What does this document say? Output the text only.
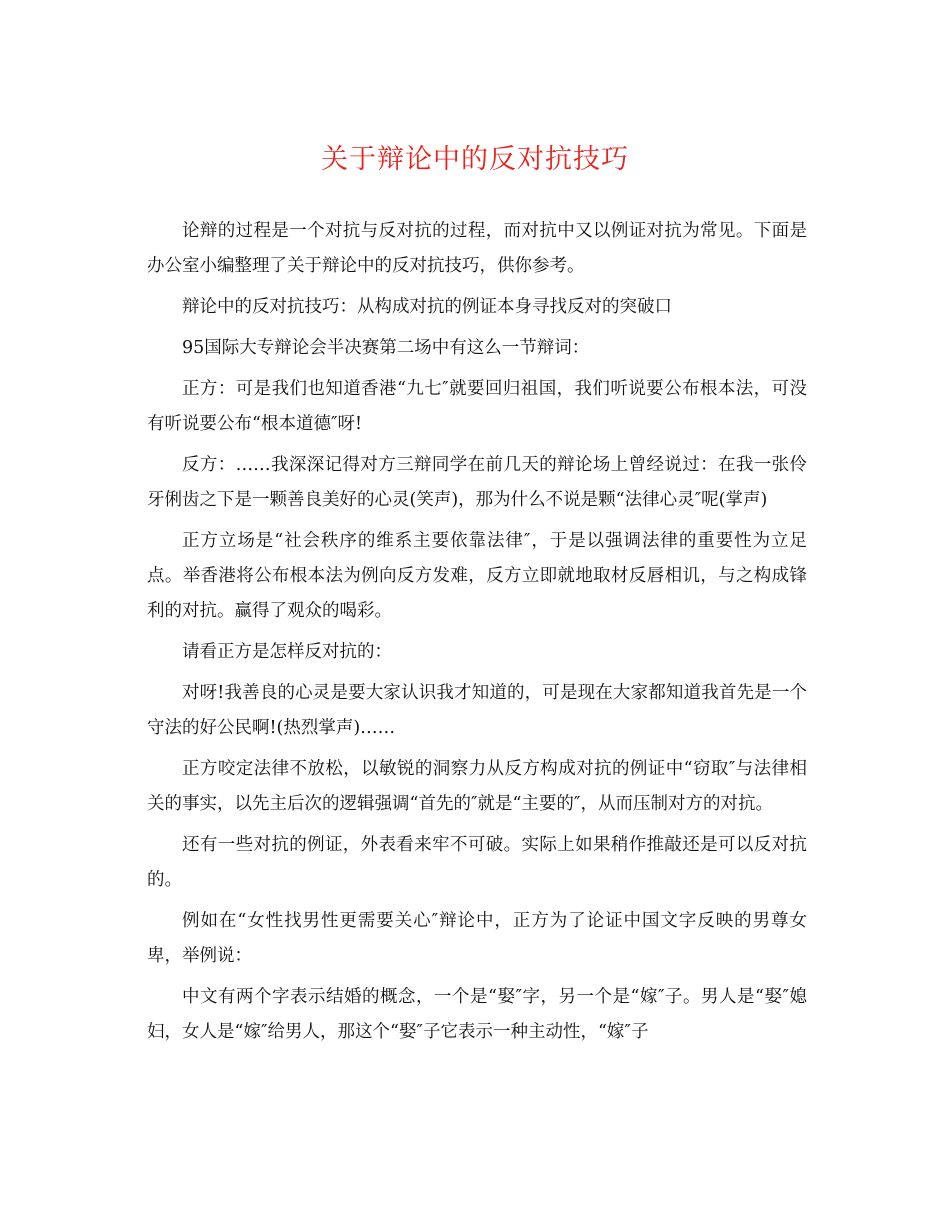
关于辩论中的反对抗技巧

论辩的过程是一个对抗与反对抗的过程，而对抗中又以例证对抗为常见。下面是办公室小编整理了关于辩论中的反对抗技巧，供你参考。

辩论中的反对抗技巧：从构成对抗的例证本身寻找反对的突破口

95国际大专辩论会半决赛第二场中有这么一节辩词：

正方：可是我们也知道香港“九七″就要回归祖国，我们听说要公布根本法，可没有听说要公布“根本道德″呀!

反方：……我深深记得对方三辩同学在前几天的辩论场上曾经说过：在我一张伶牙俐齿之下是一颗善良美好的心灵(笑声)，那为什么不说是颗“法律心灵″呢(掌声)

正方立场是“社会秩序的维系主要依靠法律″，于是以强调法律的重要性为立足点。举香港将公布根本法为例向反方发难，反方立即就地取材反唇相讥，与之构成锋利的对抗。赢得了观众的喝彩。

请看正方是怎样反对抗的：

对呀!我善良的心灵是要大家认识我才知道的，可是现在大家都知道我首先是一个守法的好公民啊!(热烈掌声)……

正方咬定法律不放松，以敏锐的洞察力从反方构成对抗的例证中“窃取″与法律相关的事实，以先主后次的逻辑强调“首先的″就是“主要的″，从而压制对方的对抗。

还有一些对抗的例证，外表看来牢不可破。实际上如果稍作推敲还是可以反对抗的。

例如在“女性找男性更需要关心″辩论中，正方为了论证中国文字反映的男尊女卑，举例说：

中文有两个字表示结婚的概念，一个是“娶″字，另一个是“嫁″子。男人是“娶″媳妇，女人是“嫁″给男人，那这个“娶″子它表示一种主动性，“嫁″子
